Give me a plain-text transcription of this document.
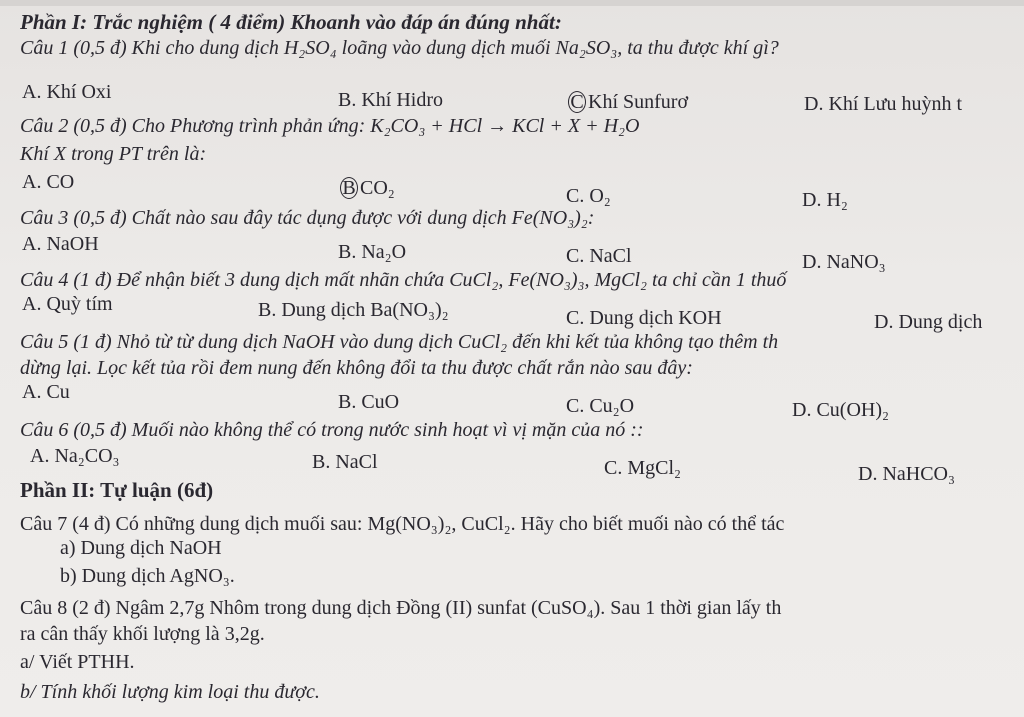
Phần I: Trắc nghiệm ( 4 điểm) Khoanh vào đáp án đúng nhất:
Câu 1 (0,5 đ) Khi cho dung dịch H₂SO₄ loãng vào dung dịch muối Na₂SO₃, ta thu được khí gì?
A. Khí Oxi	B. Khí Hidro	C Khí Sunfurơ	D. Khí Lưu huỳnh t
Câu 2 (0,5 đ) Cho Phương trình phản ứng: K₂CO₃ + HCl → KCl + X + H₂O
Khí X trong PT trên là:
A. CO	B CO₂	C. O₂	D. H₂
Câu 3 (0,5 đ) Chất nào sau đây tác dụng được với dung dịch Fe(NO₃)₂:
A. NaOH	B. Na₂O	C. NaCl	D. NaNO₃
Câu 4 (1 đ) Để nhận biết 3 dung dịch mất nhãn chứa CuCl₂, Fe(NO₃)₃, MgCl₂ ta chỉ cần 1 thuố
A. Quỳ tím	B. Dung dịch Ba(NO₃)₂	C. Dung dịch KOH	D. Dung dịch
Câu 5 (1 đ) Nhỏ từ từ dung dịch NaOH vào dung dịch CuCl₂ đến khi kết tủa không tạo thêm th
dừng lại. Lọc kết tủa rồi đem nung đến không đổi ta thu được chất rắn nào sau đây:
A. Cu	B. CuO	C. Cu₂O	D. Cu(OH)₂
Câu 6 (0,5 đ) Muối nào không thể có trong nước sinh hoạt vì vị mặn của nó ::
A. Na₂CO₃	B. NaCl	C. MgCl₂	D. NaHCO₃
Phần II: Tự luận (6đ)
Câu 7 (4 đ) Có những dung dịch muối sau: Mg(NO₃)₂, CuCl₂. Hãy cho biết muối nào có thể tác
a) Dung dịch NaOH
b) Dung dịch AgNO₃.
Câu 8 (2 đ) Ngâm 2,7g Nhôm trong dung dịch Đồng (II) sunfat (CuSO₄). Sau 1 thời gian lấy th
ra cân thấy khối lượng là 3,2g.
a/ Viết PTHH.
b/ Tính khối lượng kim loại thu được.
